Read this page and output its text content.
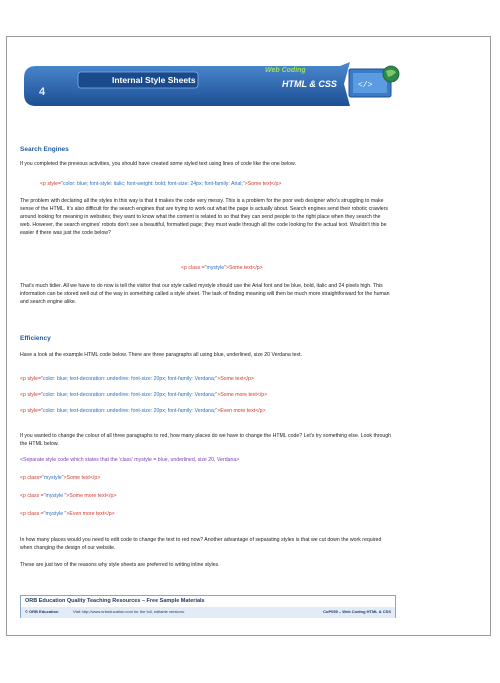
4
Internal Style Sheets
Web Coding
HTML & CSS	</>
Search Engines
If you completed the previous activities, you should have created some styled text using lines of code like the one below.
<p style="color: blue; font-style: italic; font-weight: bold; font-size: 24px; font-family: Arial;">Some text</p>
The problem with declaring all the styles in this way is that it makes the code very messy. This is a problem for the poor web designer who's struggling to make sense of the HTML. It's also difficult for the search engines that are trying to work out what the page is actually about. Search engines send their robotic crawlers around looking for meaning in websites; they want to know what the content is related to so that they can send people to the right place when they search the web. However, the search engines' robots don't see a beautiful, formatted page; they must wade through all the code looking for the actual text. Wouldn't this be easier if there was just the code below?
<p class ="mystyle">Some text</p>
That's much tidier. All we have to do now is tell the visitor that our style called mystyle should use the Arial font and be blue, bold, italic and 24 pixels high. This information can be stored well out of the way in something called a style sheet. The task of finding meaning will then be much more straightforward for the human and search engine alike.
Efficiency
Have a look at the example HTML code below. There are three paragraphs all using blue, underlined, size 20 Verdana text.
<p style="color: blue; text-decoration: underline; font-size: 20px; font-family: Verdana;">Some text</p>
<p style="color: blue; text-decoration: underline; font-size: 20px; font-family: Verdana;">Some more text</p>
<p style="color: blue; text-decoration: underline; font-size: 20px; font-family: Verdana;">Even more text</p>
If you wanted to change the colour of all three paragraphs to red, how many places do we have to change the HTML code? Let's try something else. Look through the HTML below.
<Separate style code which states that the 'class' mystyle = blue, underlined, size 20, Verdana>
<p class="mystyle">Some text</p>
<p class ="mystyle ">Some more text</p>
<p class ="mystyle ">Even more text</p>
In how many places would you need to edit code to change the text to red now? Another advantage of separating styles is that we cut down the work required when changing the design of our website.
These are just two of the reasons why style sheets are preferred to writing inline styles.
ORB Education Quality Teaching Resources – Free Sample Materials
© ORB Education	Visit http://www.orbeducation.com for the full, editable versions.	CoP055 – Web Coding HTML & CSS
